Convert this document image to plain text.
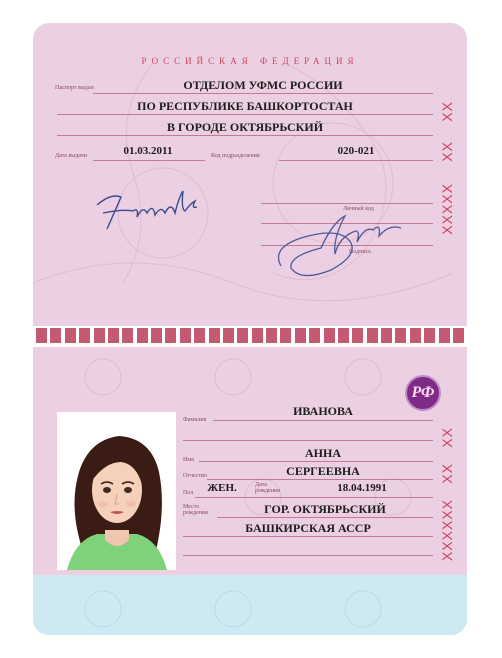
РОССИЙСКАЯ ФЕДЕРАЦИЯ
Паспорт выдан	ОТДЕЛОМ УФМС РОССИИ
ПО РЕСПУБЛИКЕ БАШКОРТОСТАН
В ГОРОДЕ ОКТЯБРЬСКИЙ
Дата выдачи	01.03.2011	Код подразделения	020-021
Личный код
Подпись
XX
XX
XXXXX
РФ
Фамилия
ИВАНОВА
Имя	АННА
Отчество	СЕРГЕЕВНА
Пол	ЖЕН.	Дата
рождения	18.04.1991
Место
рождения	ГОР. ОКТЯБРЬСКИЙ
БАШКИРСКАЯ АССР
XX
XX
XXXXXX
